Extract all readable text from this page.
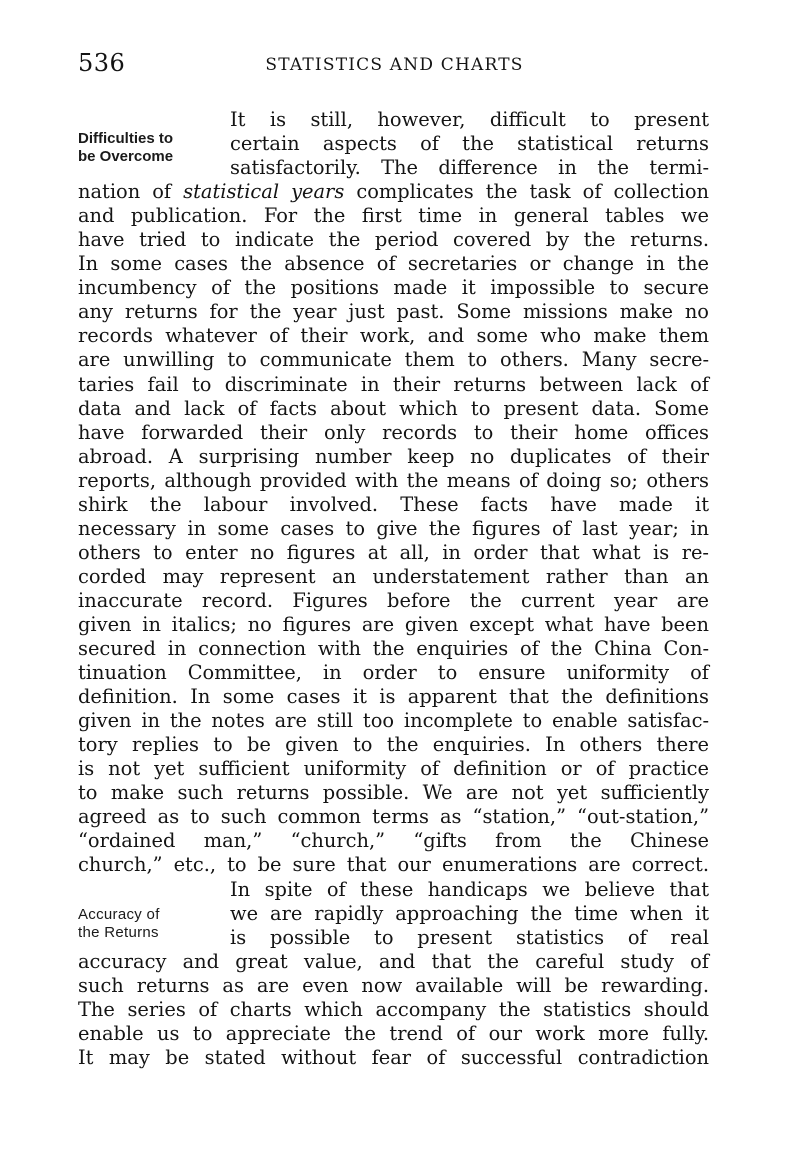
536	STATISTICS AND CHARTS
Difficulties to
be Overcome
Accuracy of
the Returns
It is still, however, difficult to present
certain aspects of the statistical returns
satisfactorily. The difference in the termi-
nation of statistical years complicates the task of collection
and publication. For the first time in general tables we
have tried to indicate the period covered by the returns.
In some cases the absence of secretaries or change in the
incumbency of the positions made it impossible to secure
any returns for the year just past. Some missions make no
records whatever of their work, and some who make them
are unwilling to communicate them to others. Many secre-
taries fail to discriminate in their returns between lack of
data and lack of facts about which to present data. Some
have forwarded their only records to their home offices
abroad. A surprising number keep no duplicates of their
reports, although provided with the means of doing so; others
shirk the labour involved. These facts have made it
necessary in some cases to give the figures of last year; in
others to enter no figures at all, in order that what is re-
corded may represent an understatement rather than an
inaccurate record. Figures before the current year are
given in italics; no figures are given except what have been
secured in connection with the enquiries of the China Con-
tinuation Committee, in order to ensure uniformity of
definition. In some cases it is apparent that the definitions
given in the notes are still too incomplete to enable satisfac-
tory replies to be given to the enquiries. In others there
is not yet sufficient uniformity of definition or of practice
to make such returns possible. We are not yet sufficiently
agreed as to such common terms as “station,” “out-station,”
“ordained man,” “church,” “gifts from the Chinese
church,” etc., to be sure that our enumerations are correct.
In spite of these handicaps we believe that
we are rapidly approaching the time when it
is possible to present statistics of real
accuracy and great value, and that the careful study of
such returns as are even now available will be rewarding.
The series of charts which accompany the statistics should
enable us to appreciate the trend of our work more fully.
It may be stated without fear of successful contradiction
